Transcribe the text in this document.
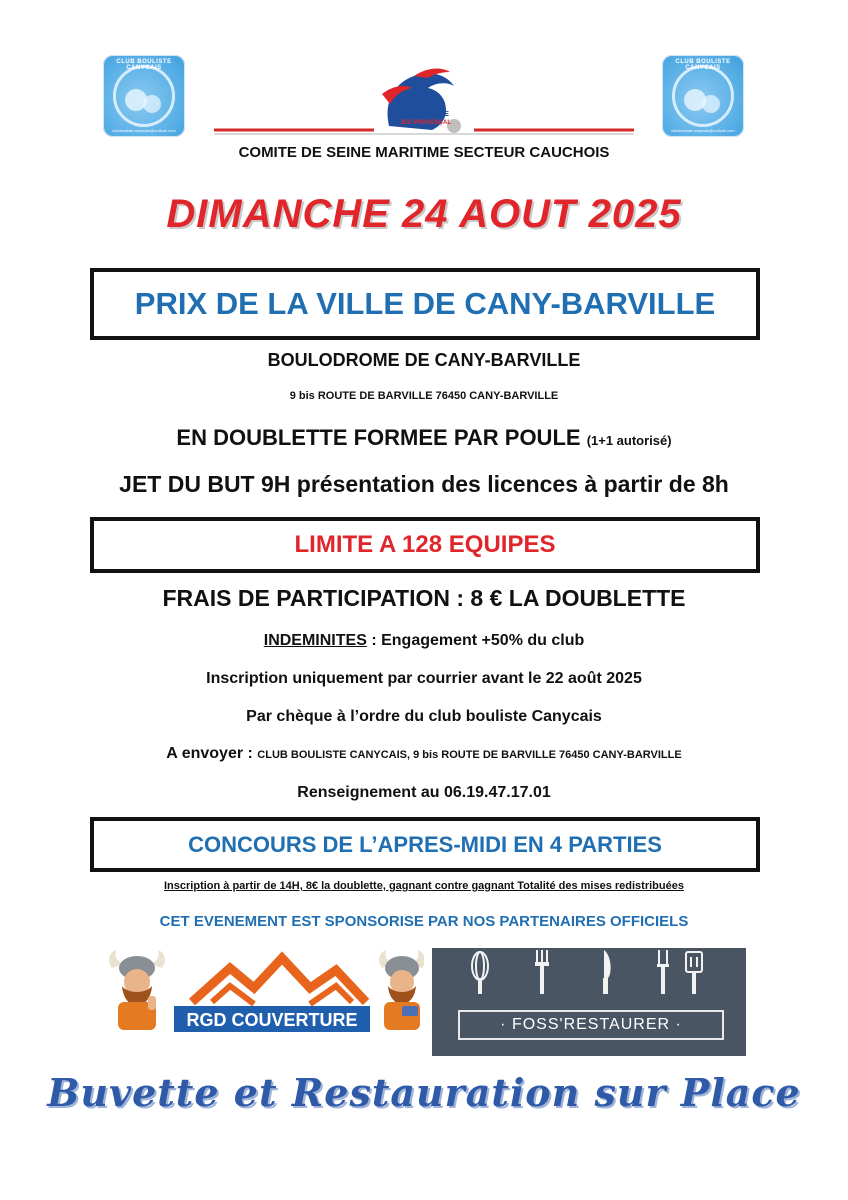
CLUB BOULISTE CANYCAIS
clubbouliste canycais@outlook.com
CLUB BOULISTE CANYCAIS
clubbouliste canycais@outlook.com
FF PETANQUE
JEU PROVENÇAL
COMITE DE SEINE MARITIME SECTEUR CAUCHOIS
DIMANCHE 24 AOUT 2025
PRIX DE LA VILLE DE CANY-BARVILLE
BOULODROME DE CANY-BARVILLE
9 bis ROUTE DE BARVILLE 76450 CANY-BARVILLE
EN DOUBLETTE FORMEE PAR POULE (1+1 autorisé)
JET DU BUT 9H présentation des licences à partir de 8h
LIMITE A 128 EQUIPES
FRAIS DE PARTICIPATION : 8 € LA DOUBLETTE
INDEMINITES : Engagement +50% du club
Inscription uniquement par courrier avant le 22 août 2025
Par chèque à l’ordre du club bouliste Canycais
A envoyer : CLUB BOULISTE CANYCAIS, 9 bis ROUTE DE BARVILLE 76450 CANY-BARVILLE
Renseignement au 06.19.47.17.01
CONCOURS DE L’APRES-MIDI EN 4 PARTIES
Inscription à partir de 14H, 8€ la doublette, gagnant contre gagnant Totalité des mises redistribuées
CET EVENEMENT EST SPONSORISE PAR NOS PARTENAIRES OFFICIELS
RGD COUVERTURE	· FOSS'RESTAURER ·
Buvette et Restauration sur Place
